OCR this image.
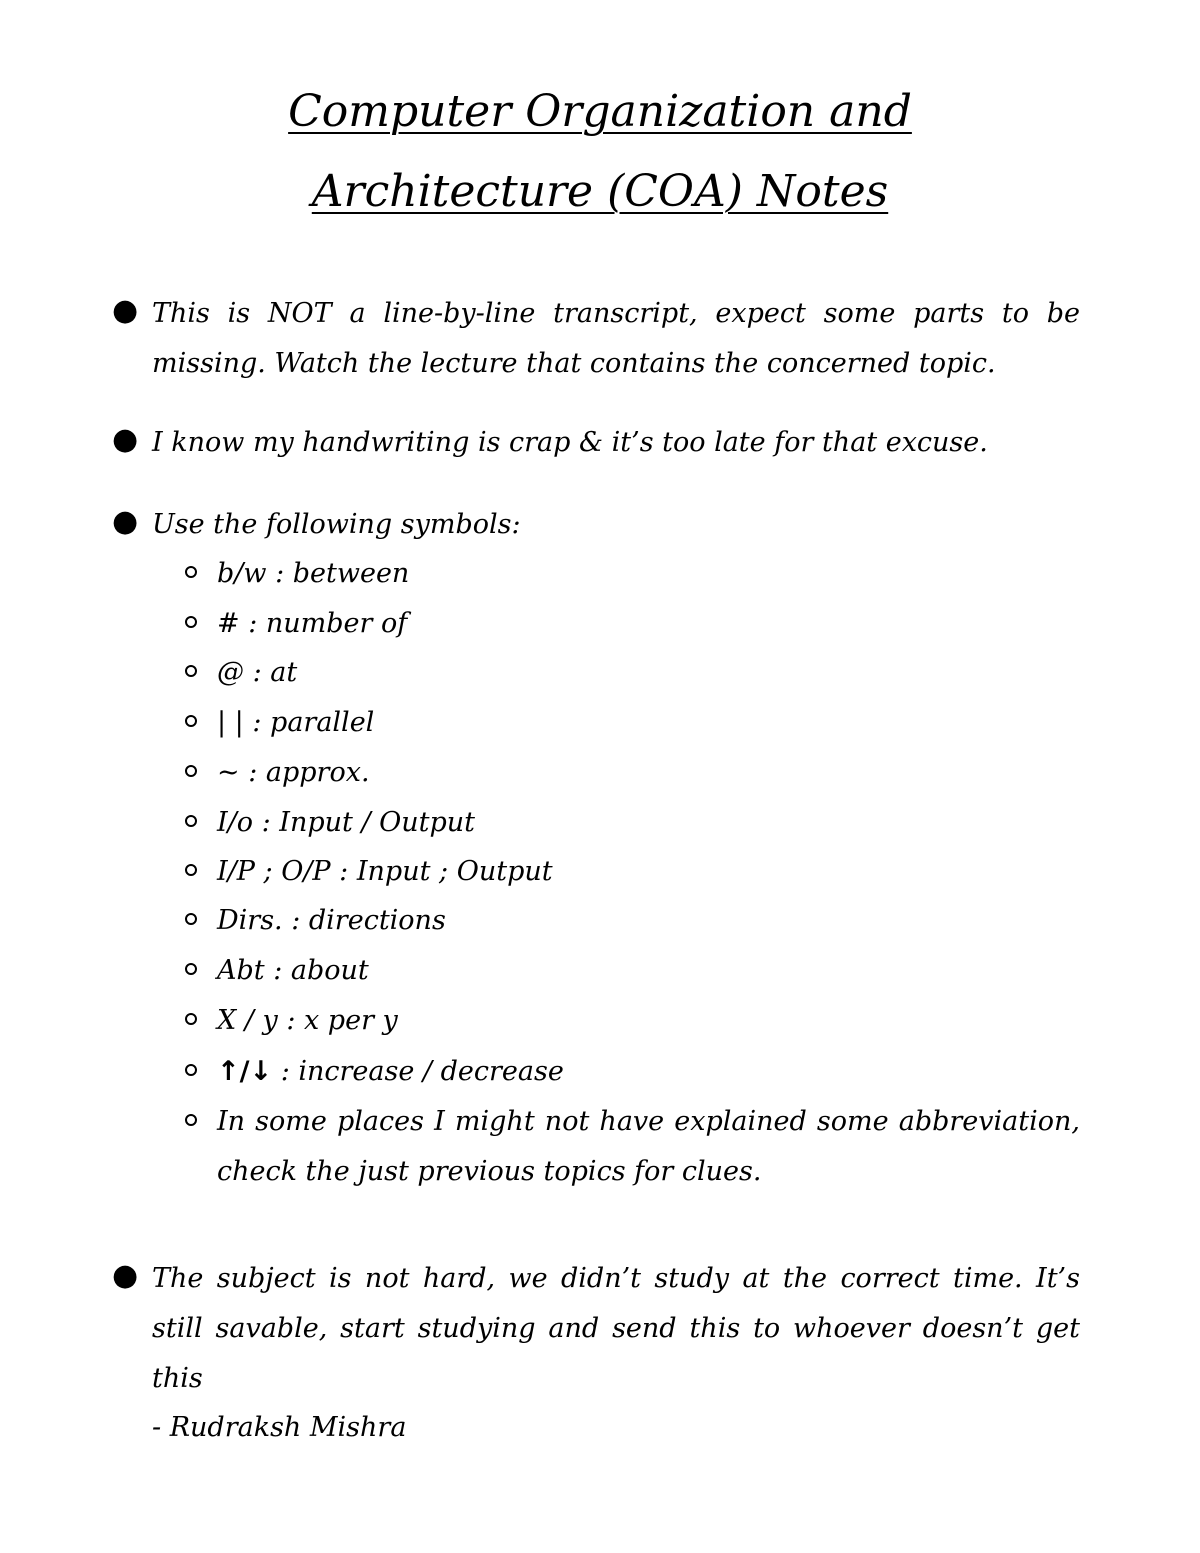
Computer Organization and
Architecture (COA) Notes
● This is NOT a line-by-line transcript, expect some parts to be missing. Watch the lecture that contains the concerned topic.

● I know my handwriting is crap & it’s too late for that excuse.

● Use the following symbols:

b/w : between
# : number of
@ : at
| | : parallel
~ : approx.
I/o : Input / Output
I/P ; O/P : Input ; Output
Dirs. : directions
Abt : about
X / y : x per y
↑/↓ : increase / decrease
In some places I might not have explained some abbreviation, check the just previous topics for clues.
● The subject is not hard, we didn’t study at the correct time. It’s still savable, start studying and send this to whoever doesn’t get this

- Rudraksh Mishra
